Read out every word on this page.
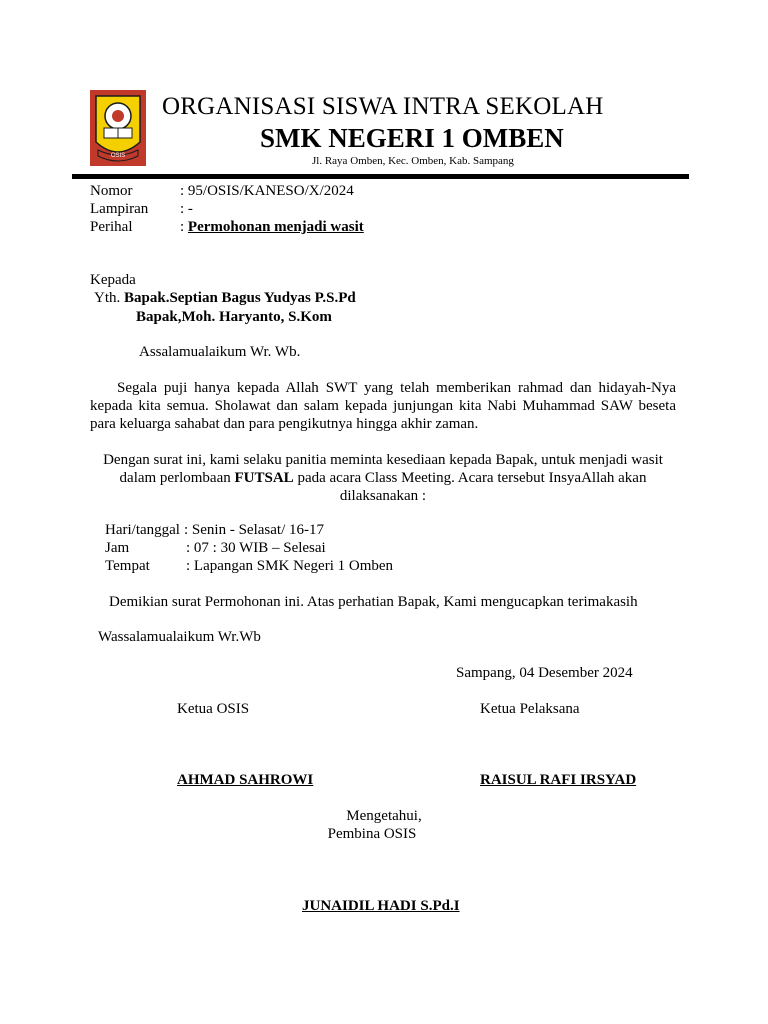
OSIS
ORGANISASI SISWA INTRA SEKOLAH
SMK NEGERI 1 OMBEN
Jl. Raya Omben, Kec. Omben, Kab. Sampang
Nomor	: 95/OSIS/KANESO/X/2024
Lampiran : -
Perihal	: Permohonan menjadi wasit
Kepada
Yth. Bapak.Septian Bagus Yudyas P.S.Pd
Bapak,Moh. Haryanto, S.Kom
Assalamualaikum Wr. Wb.
Segala puji hanya kepada Allah SWT yang telah memberikan rahmad dan hidayah-Nya kepada kita semua. Sholawat dan salam kepada junjungan kita Nabi Muhammad SAW beseta para keluarga sahabat dan para pengikutnya hingga akhir zaman.
Dengan surat ini, kami selaku panitia meminta kesediaan kepada Bapak, untuk menjadi wasit
dalam perlombaan FUTSAL pada acara Class Meeting. Acara tersebut InsyaAllah akan
dilaksanakan :
Hari/tanggal : Senin - Selasat/ 16-17
Jam	: 07 : 30 WIB – Selesai
Tempat : Lapangan SMK Negeri 1 Omben
Demikian surat Permohonan ini. Atas perhatian Bapak, Kami mengucapkan terimakasih
Wassalamualaikum Wr.Wb
Sampang, 04 Desember 2024
Ketua OSIS	Ketua Pelaksana
AHMAD SAHROWI	RAISUL RAFI IRSYAD
Mengetahui,
Pembina OSIS
JUNAIDIL HADI S.Pd.I
